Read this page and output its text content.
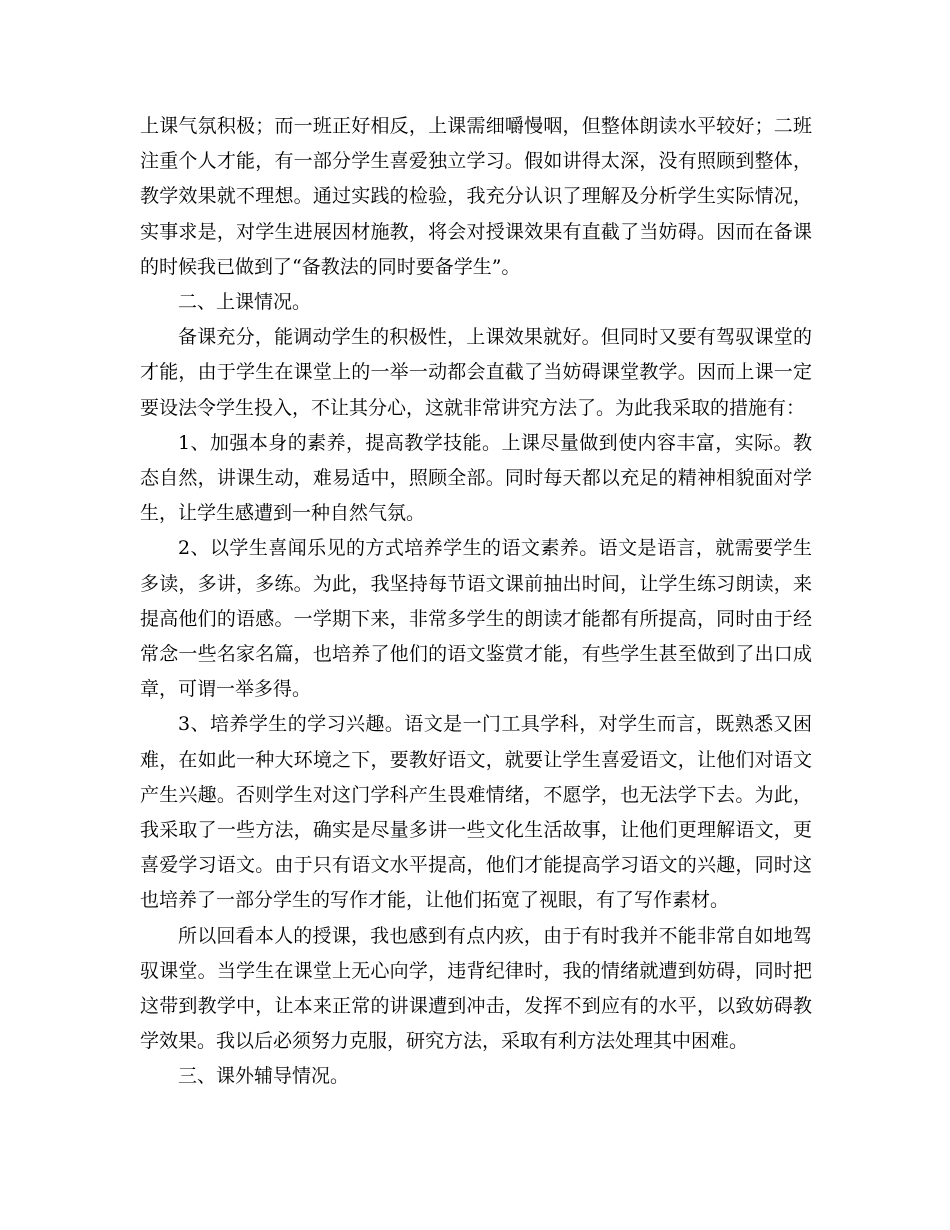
上课气氛积极；而一班正好相反，上课需细嚼慢咽，但整体朗读水平较好；二班注重个人才能，有一部分学生喜爱独立学习。假如讲得太深，没有照顾到整体，教学效果就不理想。通过实践的检验，我充分认识了理解及分析学生实际情况，实事求是，对学生进展因材施教，将会对授课效果有直截了当妨碍。因而在备课的时候我已做到了“备教法的同时要备学生”。

二、上课情况。

备课充分，能调动学生的积极性，上课效果就好。但同时又要有驾驭课堂的才能，由于学生在课堂上的一举一动都会直截了当妨碍课堂教学。因而上课一定要设法令学生投入，不让其分心，这就非常讲究方法了。为此我采取的措施有：

1、加强本身的素养，提高教学技能。上课尽量做到使内容丰富，实际。教态自然，讲课生动，难易适中，照顾全部。同时每天都以充足的精神相貌面对学生，让学生感遭到一种自然气氛。

2、以学生喜闻乐见的方式培养学生的语文素养。语文是语言，就需要学生多读，多讲，多练。为此，我坚持每节语文课前抽出时间，让学生练习朗读，来提高他们的语感。一学期下来，非常多学生的朗读才能都有所提高，同时由于经常念一些名家名篇，也培养了他们的语文鉴赏才能，有些学生甚至做到了出口成章，可谓一举多得。

3、培养学生的学习兴趣。语文是一门工具学科，对学生而言，既熟悉又困难，在如此一种大环境之下，要教好语文，就要让学生喜爱语文，让他们对语文产生兴趣。否则学生对这门学科产生畏难情绪，不愿学，也无法学下去。为此，我采取了一些方法，确实是尽量多讲一些文化生活故事，让他们更理解语文，更喜爱学习语文。由于只有语文水平提高，他们才能提高学习语文的兴趣，同时这也培养了一部分学生的写作才能，让他们拓宽了视眼，有了写作素材。

所以回看本人的授课，我也感到有点内疚，由于有时我并不能非常自如地驾驭课堂。当学生在课堂上无心向学，违背纪律时，我的情绪就遭到妨碍，同时把这带到教学中，让本来正常的讲课遭到冲击，发挥不到应有的水平，以致妨碍教学效果。我以后必须努力克服，研究方法，采取有利方法处理其中困难。

三、课外辅导情况。
